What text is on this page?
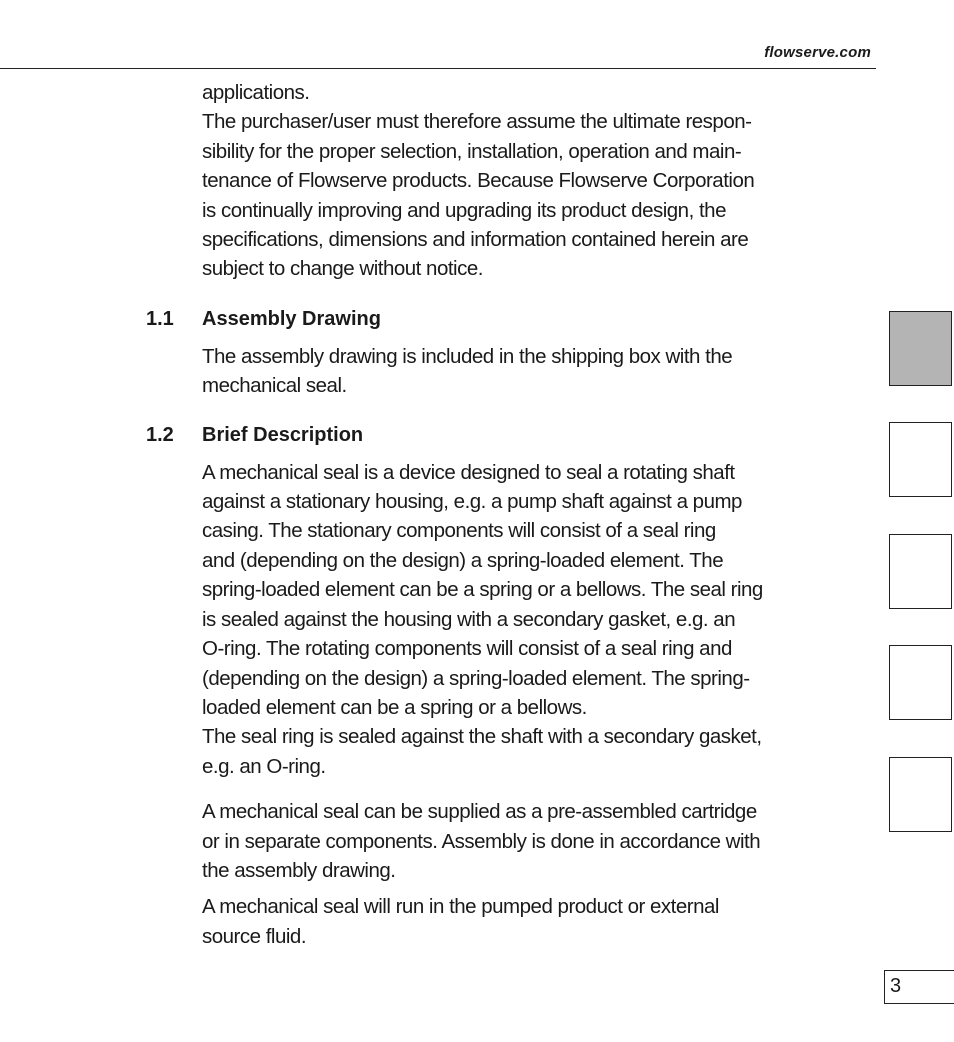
flowserve.com

applications.
The purchaser/user must therefore assume the ultimate respon-
sibility for the proper selection, installation, operation and main-
tenance of Flowserve products. Because Flowserve Corporation
is continually improving and upgrading its product design, the
specifications, dimensions and information contained herein are
subject to change without notice.

1.1 Assembly Drawing

The assembly drawing is included in the shipping box with the
mechanical seal.

1.2 Brief Description

A mechanical seal is a device designed to seal a rotating shaft
against a stationary housing, e.g. a pump shaft against a pump
casing. The stationary components will consist of a seal ring
and (depending on the design) a spring-loaded element. The
spring-loaded element can be a spring or a bellows. The seal ring
is sealed against the housing with a secondary gasket, e.g. an
O-ring. The rotating components will consist of a seal ring and
(depending on the design) a spring-loaded element. The spring-
loaded element can be a spring or a bellows.
The seal ring is sealed against the shaft with a secondary gasket,
e.g. an O-ring.

A mechanical seal can be supplied as a pre-assembled cartridge
or in separate components. Assembly is done in accordance with
the assembly drawing.

A mechanical seal will run in the pumped product or external
source fluid.

3
